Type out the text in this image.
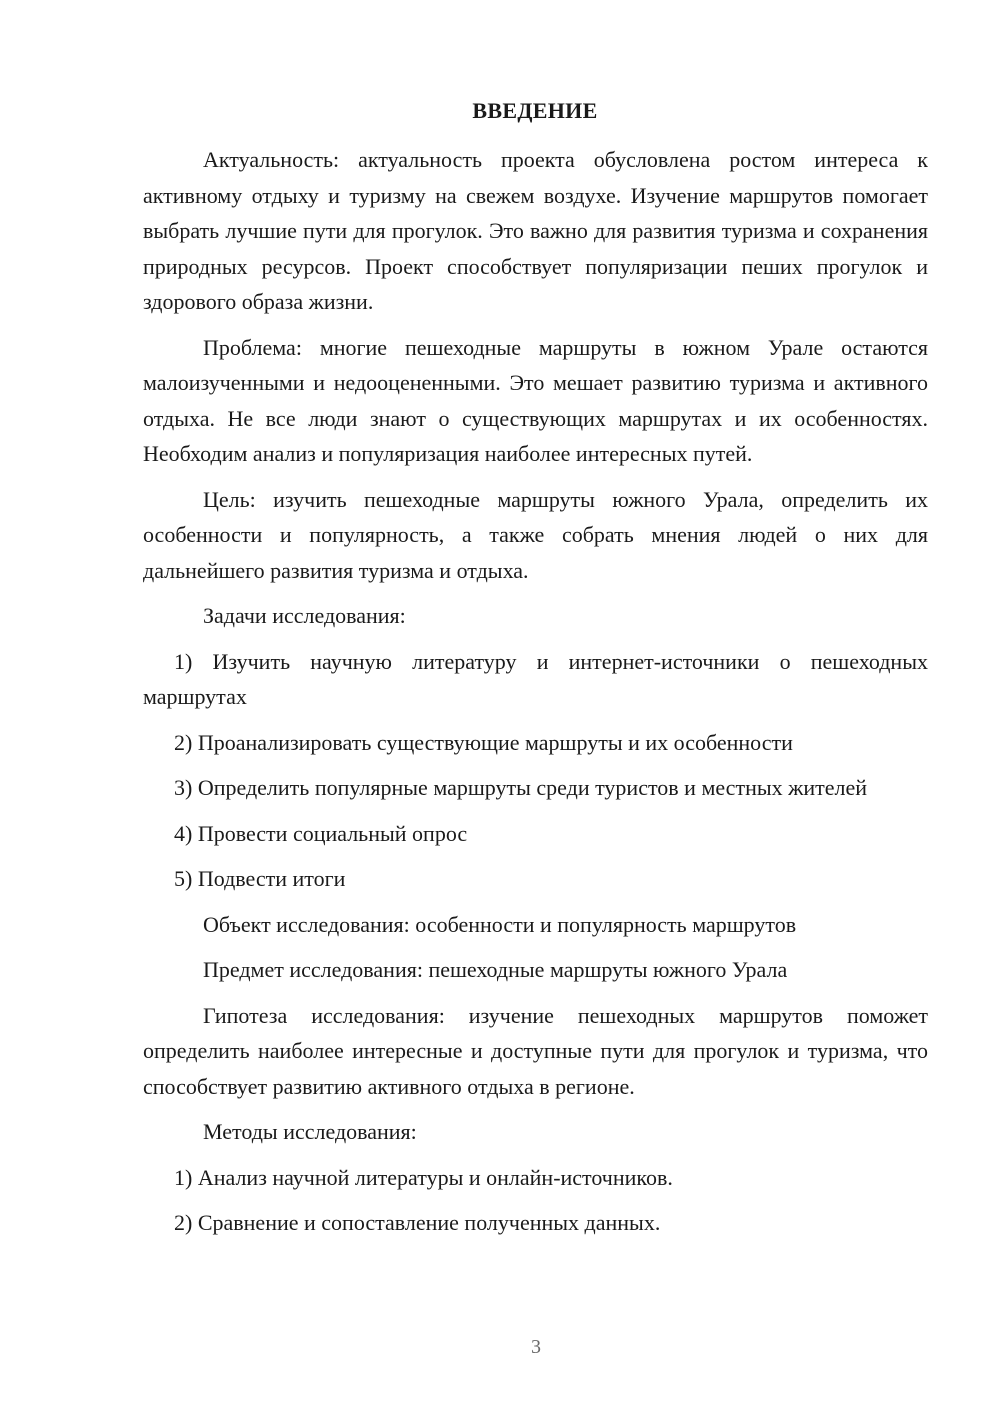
ВВЕДЕНИЕ

Актуальность: актуальность проекта обусловлена ростом интереса к активному отдыху и туризму на свежем воздухе. Изучение маршрутов помогает выбрать лучшие пути для прогулок. Это важно для развития туризма и сохранения природных ресурсов. Проект способствует популяризации пеших прогулок и здорового образа жизни.

Проблема: многие пешеходные маршруты в южном Урале остаются малоизученными и недооцененными. Это мешает развитию туризма и активного отдыха. Не все люди знают о существующих маршрутах и их особенностях. Необходим анализ и популяризация наиболее интересных путей.

Цель: изучить пешеходные маршруты южного Урала, определить их особенности и популярность, а также собрать мнения людей о них для дальнейшего развития туризма и отдыха.

Задачи исследования:

1) Изучить научную литературу и интернет-источники о пешеходных маршрутах

2) Проанализировать существующие маршруты и их особенности

3) Определить популярные маршруты среди туристов и местных жителей

4) Провести социальный опрос

5) Подвести итоги

Объект исследования: особенности и популярность маршрутов

Предмет исследования: пешеходные маршруты южного Урала

Гипотеза исследования: изучение пешеходных маршрутов поможет определить наиболее интересные и доступные пути для прогулок и туризма, что способствует развитию активного отдыха в регионе.

Методы исследования:

1) Анализ научной литературы и онлайн-источников.

2) Сравнение и сопоставление полученных данных.

3
